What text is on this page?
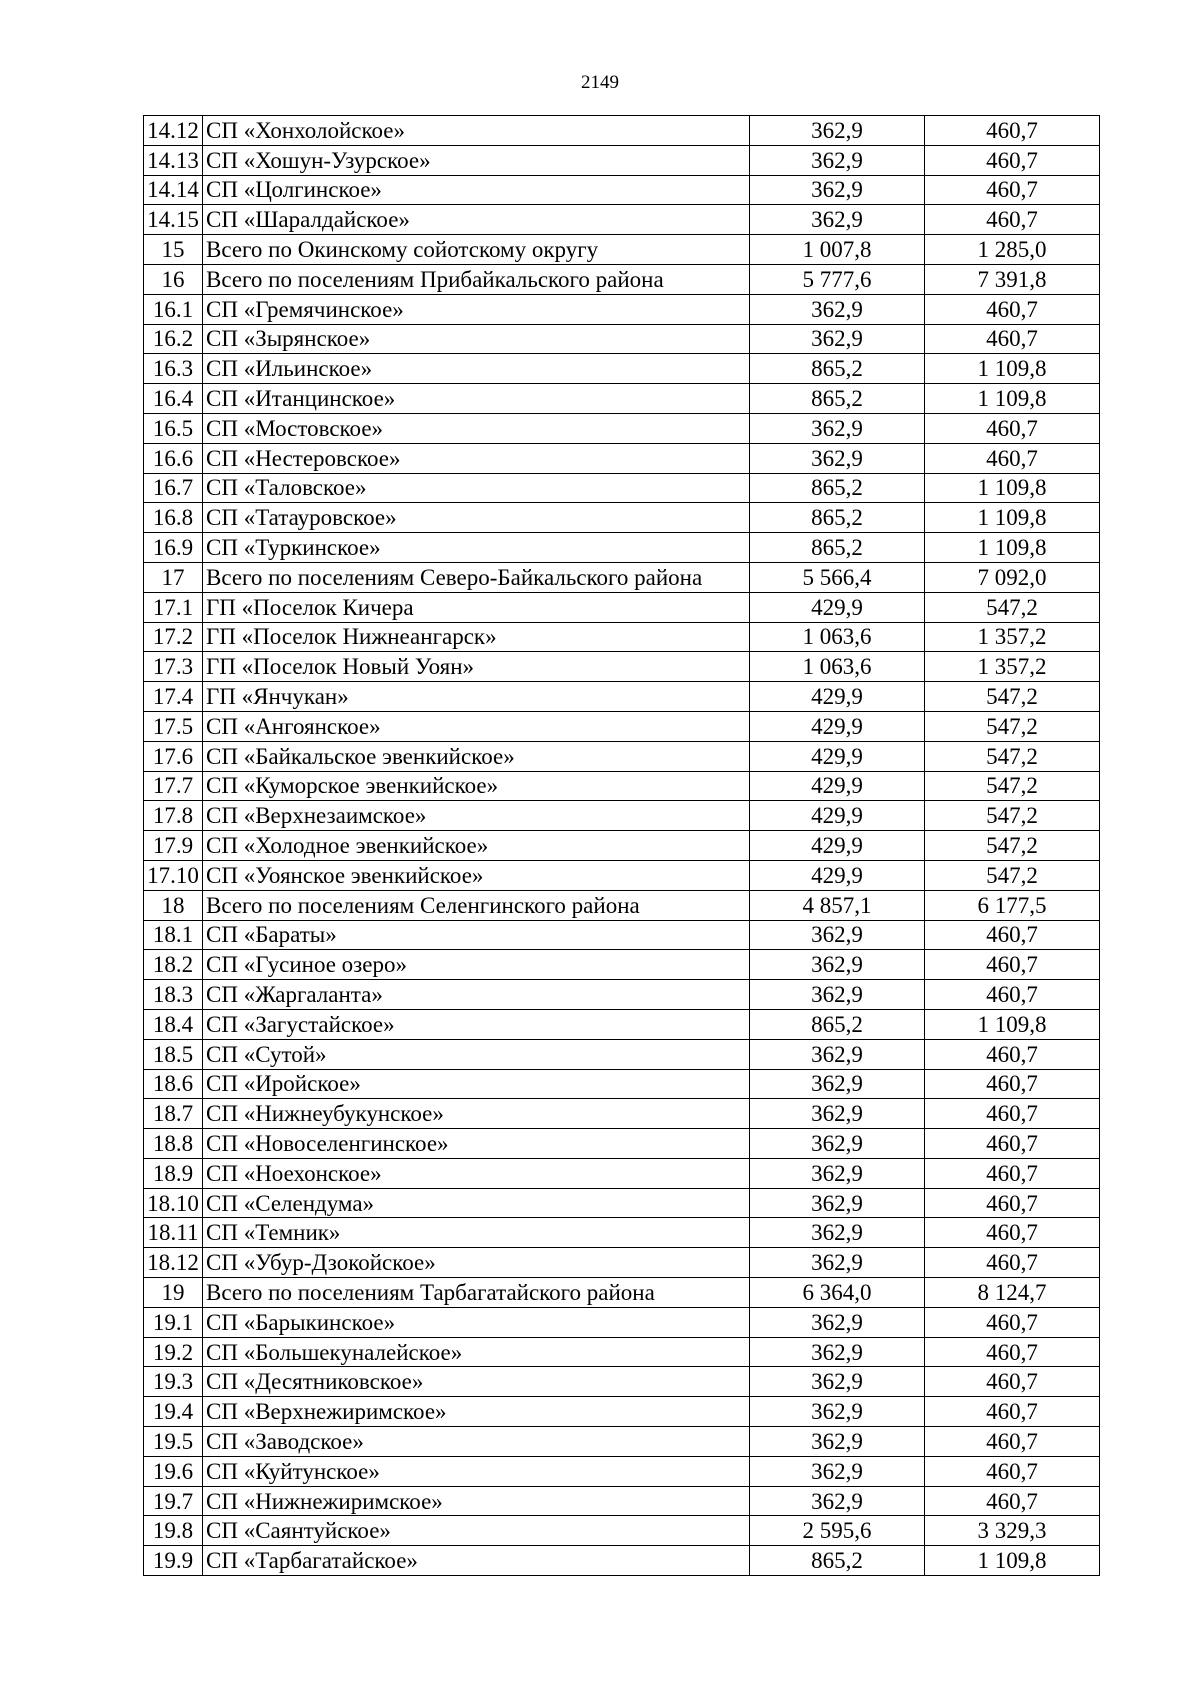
2149
14.12	СП «Хонхолойское»	362,9	460,7
14.13	СП «Хошун-Узурское»	362,9	460,7
14.14	СП «Цолгинское»	362,9	460,7
14.15	СП «Шаралдайское»	362,9	460,7
15	Всего по Окинскому сойотскому округу	1 007,8	1 285,0
16	Всего по поселениям Прибайкальского района	5 777,6	7 391,8
16.1	СП «Гремячинское»	362,9	460,7
16.2	СП «Зырянское»	362,9	460,7
16.3	СП «Ильинское»	865,2	1 109,8
16.4	СП «Итанцинское»	865,2	1 109,8
16.5	СП «Мостовское»	362,9	460,7
16.6	СП «Нестеровское»	362,9	460,7
16.7	СП «Таловское»	865,2	1 109,8
16.8	СП «Татауровское»	865,2	1 109,8
16.9	СП «Туркинское»	865,2	1 109,8
17	Всего по поселениям Северо-Байкальского района	5 566,4	7 092,0
17.1	ГП «Поселок Кичера	429,9	547,2
17.2	ГП «Поселок Нижнеангарск»	1 063,6	1 357,2
17.3	ГП «Поселок Новый Уоян»	1 063,6	1 357,2
17.4	ГП «Янчукан»	429,9	547,2
17.5	СП «Ангоянское»	429,9	547,2
17.6	СП «Байкальское эвенкийское»	429,9	547,2
17.7	СП «Куморское эвенкийское»	429,9	547,2
17.8	СП «Верхнезаимское»	429,9	547,2
17.9	СП «Холодное эвенкийское»	429,9	547,2
17.10	СП «Уоянское эвенкийское»	429,9	547,2
18	Всего по поселениям Селенгинского района	4 857,1	6 177,5
18.1	СП «Бараты»	362,9	460,7
18.2	СП «Гусиное озеро»	362,9	460,7
18.3	СП «Жаргаланта»	362,9	460,7
18.4	СП «Загустайское»	865,2	1 109,8
18.5	СП «Сутой»	362,9	460,7
18.6	СП «Иройское»	362,9	460,7
18.7	СП «Нижнеубукунское»	362,9	460,7
18.8	СП «Новоселенгинское»	362,9	460,7
18.9	СП «Ноехонское»	362,9	460,7
18.10	СП «Селендума»	362,9	460,7
18.11	СП «Темник»	362,9	460,7
18.12	СП «Убур-Дзокойское»	362,9	460,7
19	Всего по поселениям Тарбагатайского района	6 364,0	8 124,7
19.1	СП «Барыкинское»	362,9	460,7
19.2	СП «Большекуналейское»	362,9	460,7
19.3	СП «Десятниковское»	362,9	460,7
19.4	СП «Верхнежиримское»	362,9	460,7
19.5	СП «Заводское»	362,9	460,7
19.6	СП «Куйтунское»	362,9	460,7
19.7	СП «Нижнежиримское»	362,9	460,7
19.8	СП «Саянтуйское»	2 595,6	3 329,3
19.9	СП «Тарбагатайское»	865,2	1 109,8
